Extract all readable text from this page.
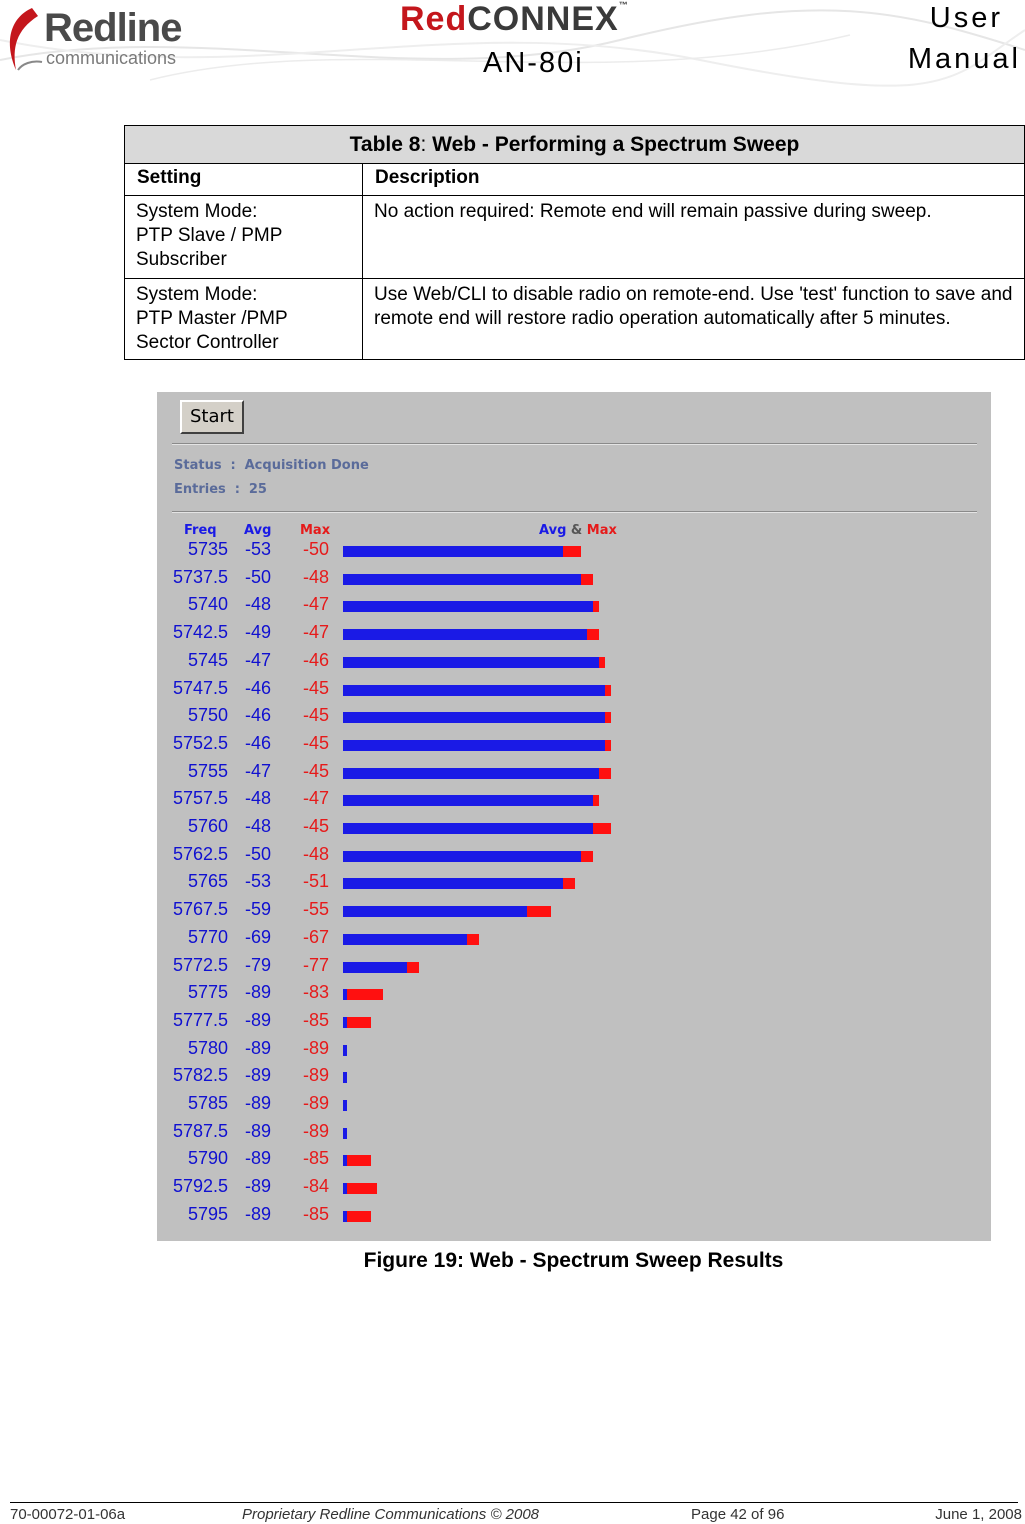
Redline
communications
RedCONNEX™
AN-80i
User
Manual
Table 8: Web - Performing a Spectrum Sweep	
Setting	Description

System Mode:
PTP Slave / PMP
Subscriber	No action required: Remote end will remain passive during sweep.

System Mode:
PTP Master /PMP
Sector Controller	Use Web/CLI to disable radio on remote-end. Use 'test' function to save and remote end will restore radio operation automatically after 5 minutes.
Start
Status : Acquisition Done
Entries : 25
Freq Avg Max	Avg & Max
5735 -53 -50
5737.5 -50 -48
5740 -48 -47
5742.5 -49 -47
5745 -47 -46
5747.5 -46 -45
5750 -46 -45
5752.5 -46 -45
5755 -47 -45
5757.5 -48 -47
5760 -48 -45
5762.5 -50 -48
5765 -53 -51
5767.5 -59 -55
5770 -69 -67
5772.5 -79 -77
5775 -89 -83
5777.5 -89 -85
5780 -89 -89
5782.5 -89 -89
5785 -89 -89
5787.5 -89 -89
5790 -89 -85
5792.5 -89 -84
5795 -89 -85
Figure 19: Web - Spectrum Sweep Results
70-00072-01-06a	Proprietary Redline Communications © 2008	Page 42 of 96	June 1, 2008
